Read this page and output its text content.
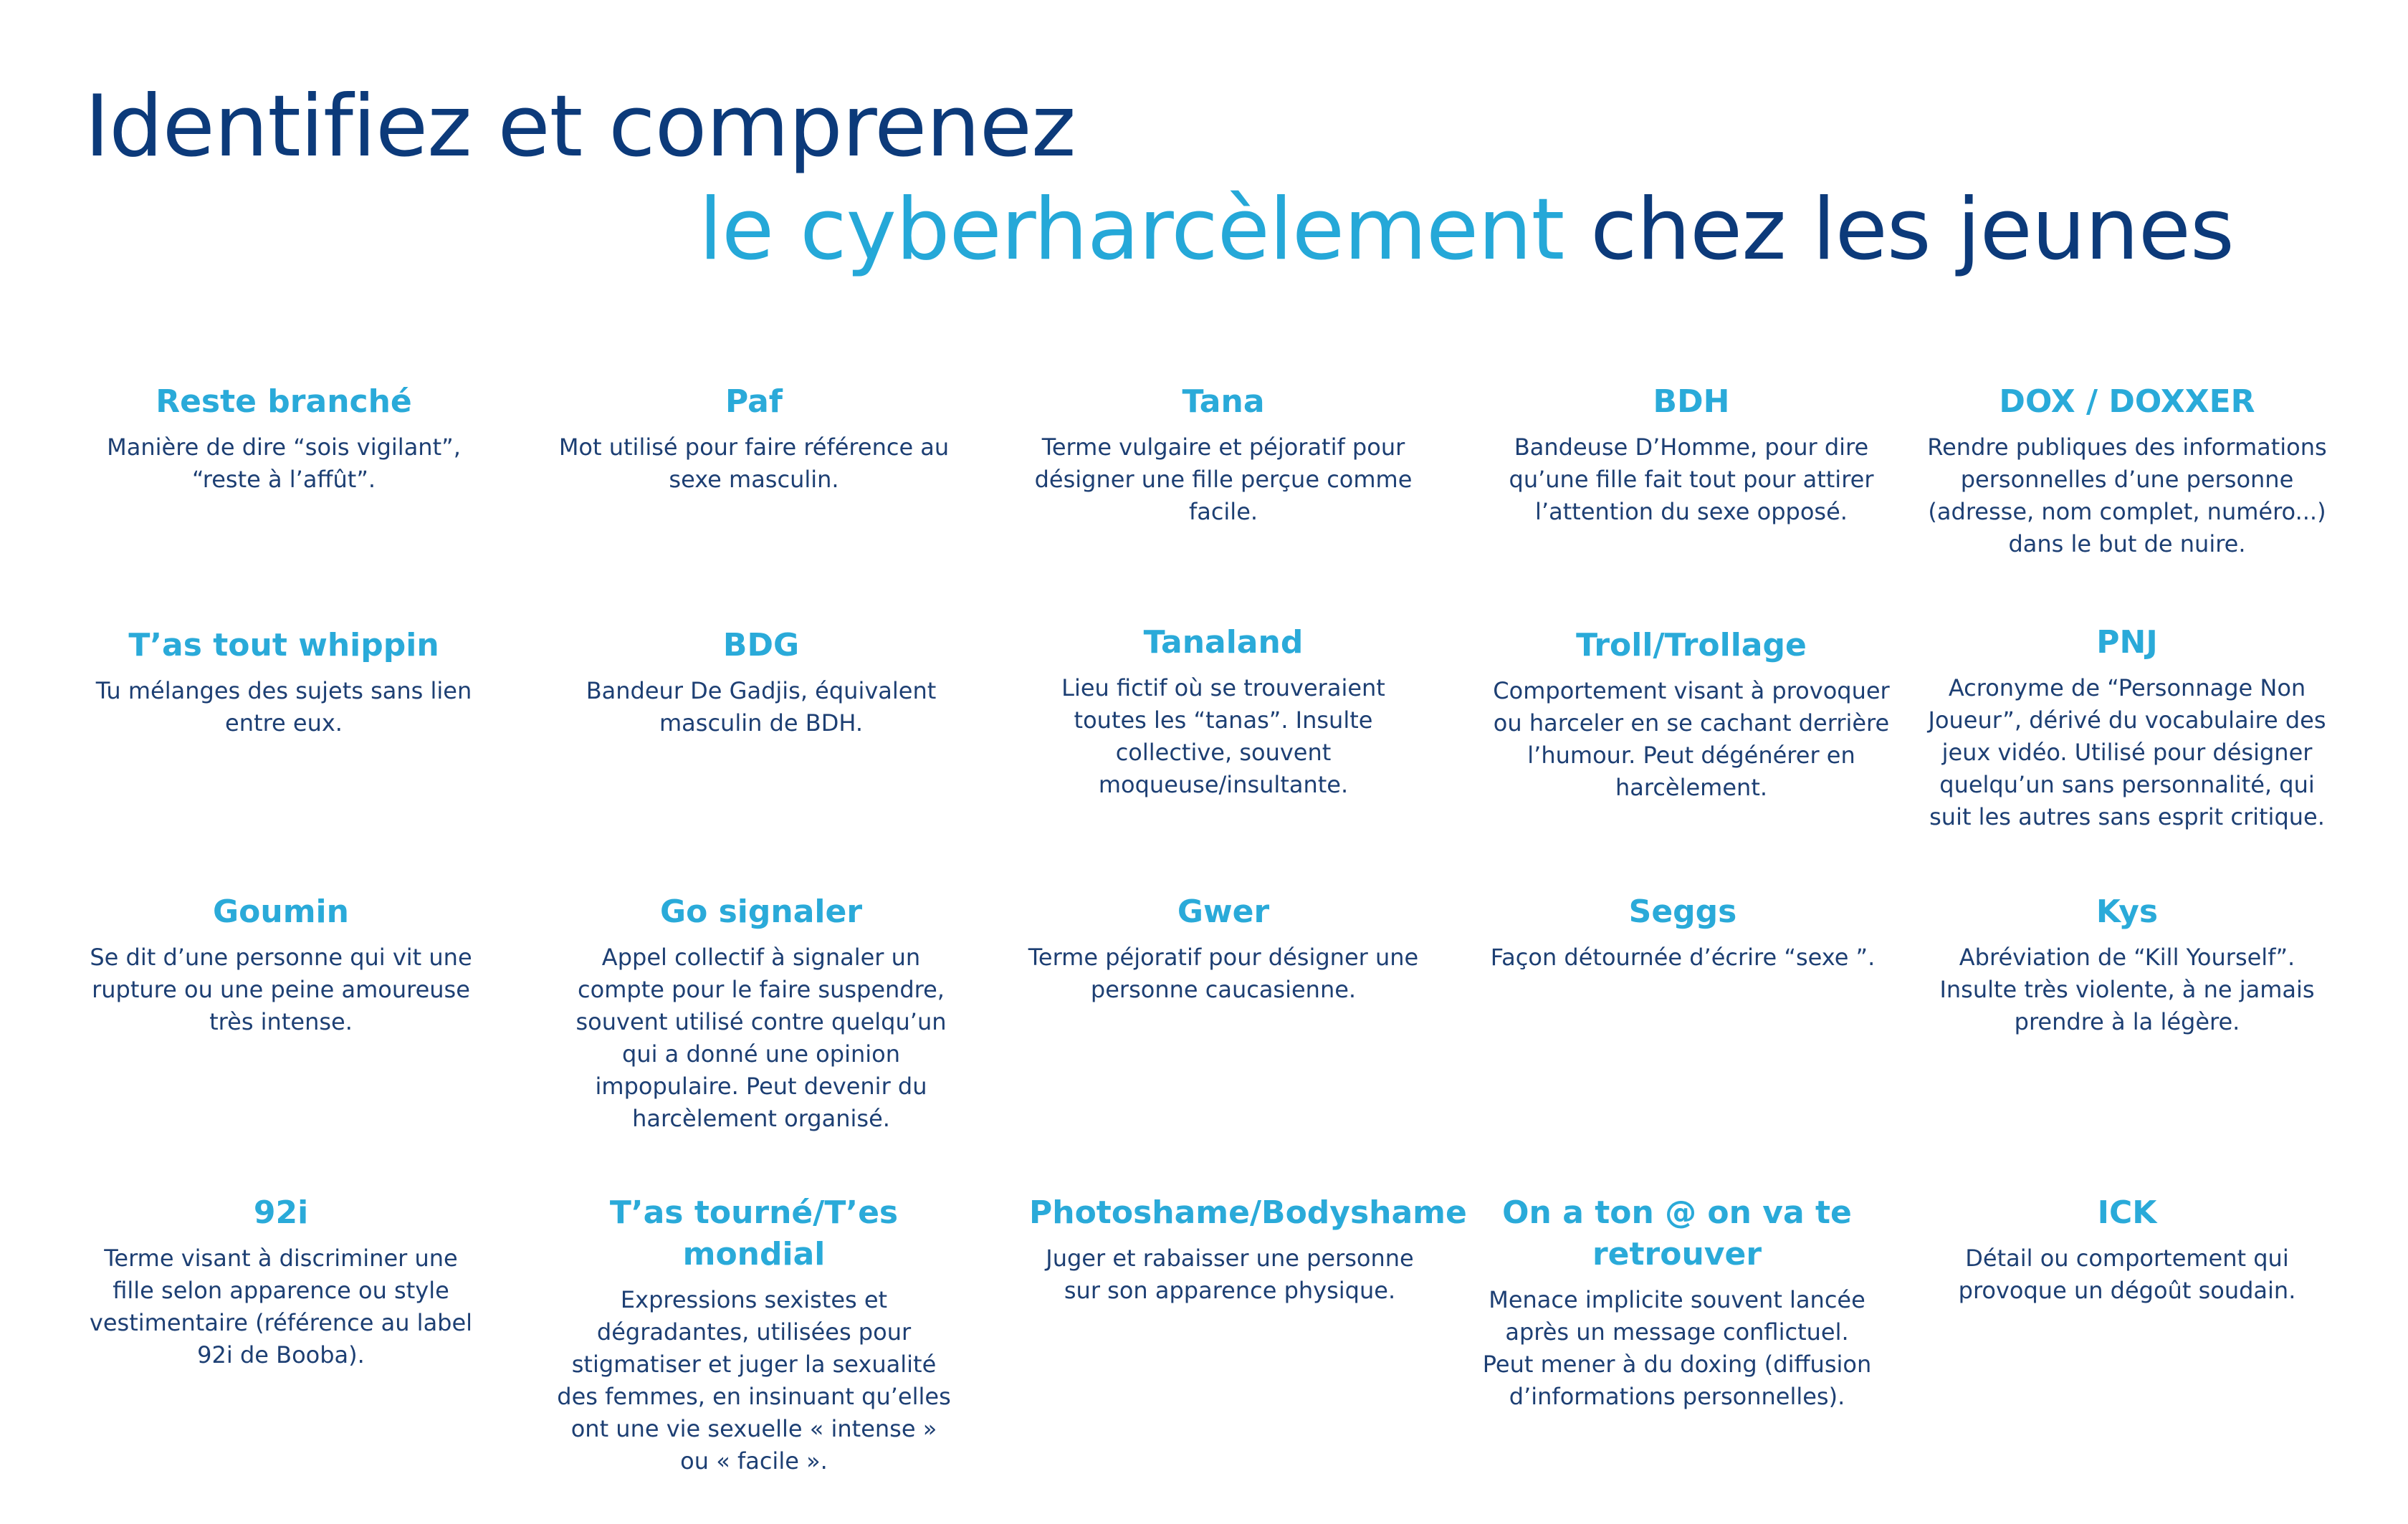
Identifiez et comprenez
le cyberharcèlement chez les jeunes
Reste branché

Manière de dire “sois vigilant”, “reste à l’affût”.

Paf

Mot utilisé pour faire référence au sexe masculin.

Tana

Terme vulgaire et péjoratif pour désigner une fille perçue comme facile.

BDH

Bandeuse D’Homme, pour dire qu’une fille fait tout pour attirer l’attention du sexe opposé.

DOX / DOXXER

Rendre publiques des informations personnelles d’une personne (adresse, nom complet, numéro...) dans le but de nuire.

T’as tout whippin

Tu mélanges des sujets sans lien entre eux.

BDG

Bandeur De Gadjis, équivalent masculin de BDH.

Tanaland

Lieu fictif où se trouveraient toutes les “tanas”. Insulte collective, souvent moqueuse/insultante.

Troll/Trollage

Comportement visant à provoquer ou harceler en se cachant derrière l’humour. Peut dégénérer en harcèlement.

PNJ

Acronyme de “Personnage Non Joueur”, dérivé du vocabulaire des jeux vidéo. Utilisé pour désigner quelqu’un sans personnalité, qui suit les autres sans esprit critique.

Goumin

Se dit d’une personne qui vit une rupture ou une peine amoureuse très intense.

Go signaler

Appel collectif à signaler un compte pour le faire suspendre, souvent utilisé contre quelqu’un qui a donné une opinion impopulaire. Peut devenir du harcèlement organisé.

Gwer

Terme péjoratif pour désigner une personne caucasienne.

Seggs

Façon détournée d’écrire “sexe ”.

Kys

Abréviation de “Kill Yourself”. Insulte très violente, à ne jamais prendre à la légère.

92i

Terme visant à discriminer une fille selon apparence ou style vestimentaire (référence au label 92i de Booba).

T’as tourné/T’es mondial

Expressions sexistes et dégradantes, utilisées pour stigmatiser et juger la sexualité des femmes, en insinuant qu’elles ont une vie sexuelle « intense » ou « facile ».

Photoshame/Bodyshame

Juger et rabaisser une personne sur son apparence physique.

On a ton @ on va te retrouver

Menace implicite souvent lancée après un message conflictuel. Peut mener à du doxing (diffusion d’informations personnelles).

ICK

Détail ou comportement qui provoque un dégoût soudain.
